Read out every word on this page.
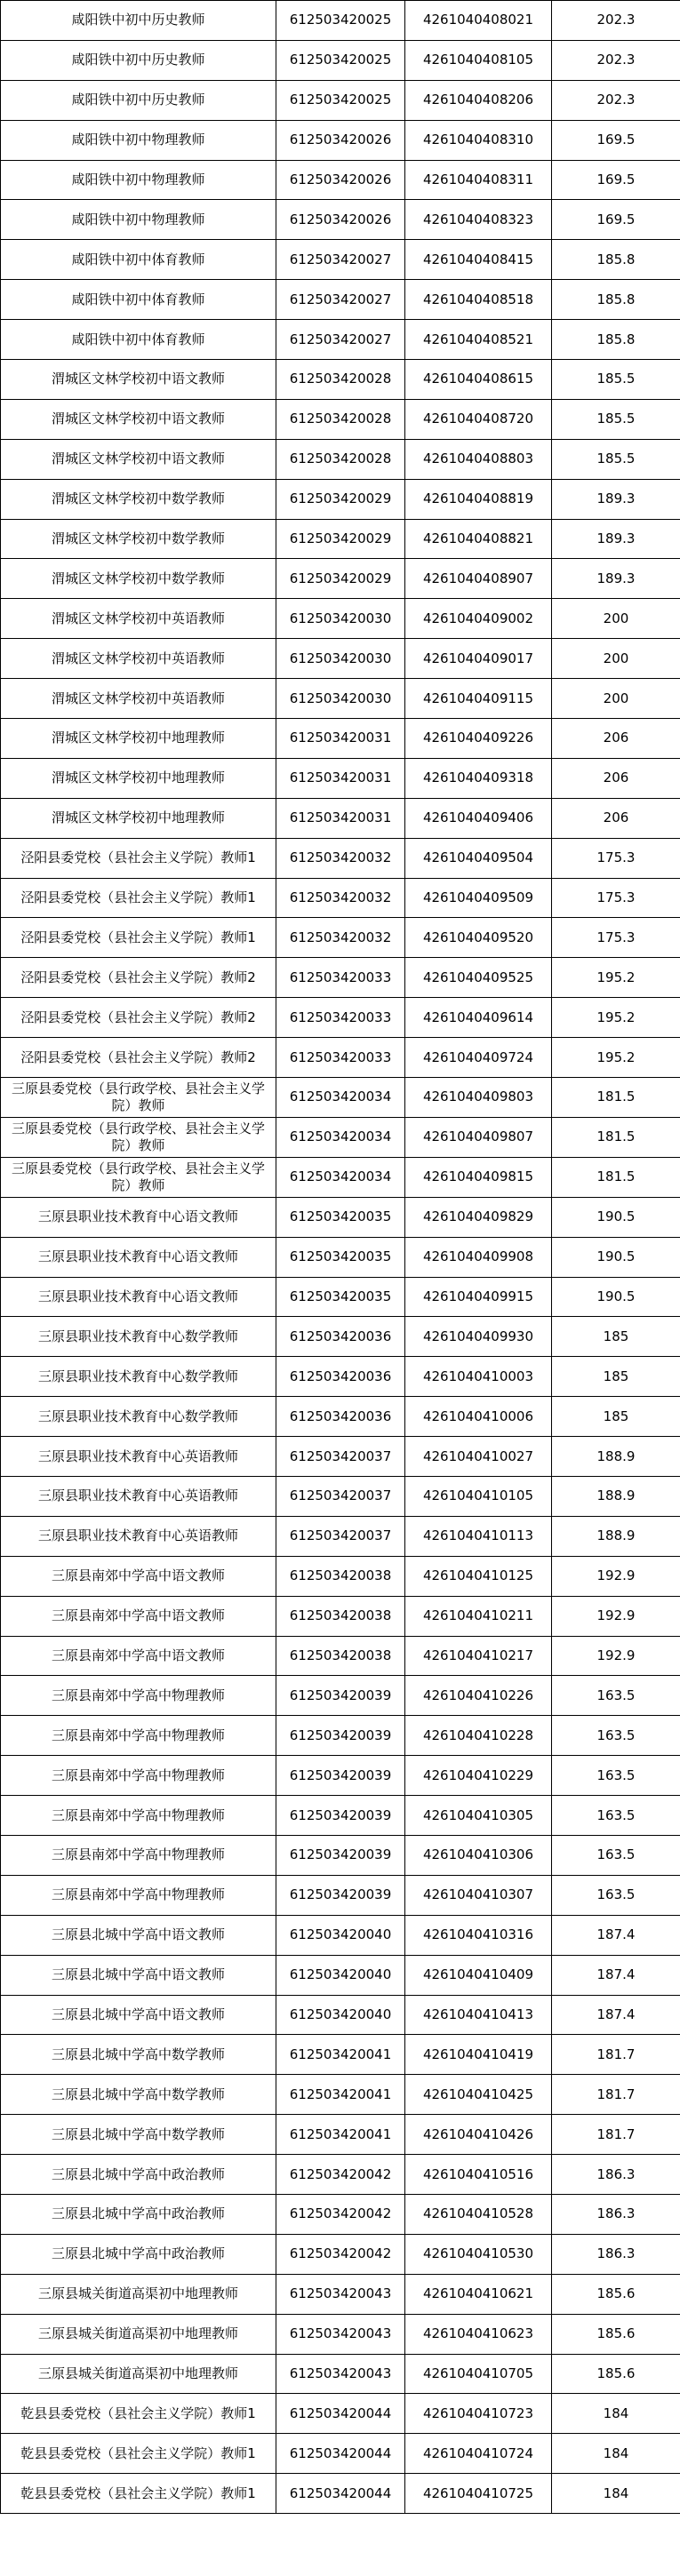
咸阳铁中初中历史教师	612503420025	4261040408021	202.3
咸阳铁中初中历史教师	612503420025	4261040408105	202.3
咸阳铁中初中历史教师	612503420025	4261040408206	202.3
咸阳铁中初中物理教师	612503420026	4261040408310	169.5
咸阳铁中初中物理教师	612503420026	4261040408311	169.5
咸阳铁中初中物理教师	612503420026	4261040408323	169.5
咸阳铁中初中体育教师	612503420027	4261040408415	185.8
咸阳铁中初中体育教师	612503420027	4261040408518	185.8
咸阳铁中初中体育教师	612503420027	4261040408521	185.8
渭城区文林学校初中语文教师	612503420028	4261040408615	185.5
渭城区文林学校初中语文教师	612503420028	4261040408720	185.5
渭城区文林学校初中语文教师	612503420028	4261040408803	185.5
渭城区文林学校初中数学教师	612503420029	4261040408819	189.3
渭城区文林学校初中数学教师	612503420029	4261040408821	189.3
渭城区文林学校初中数学教师	612503420029	4261040408907	189.3
渭城区文林学校初中英语教师	612503420030	4261040409002	200
渭城区文林学校初中英语教师	612503420030	4261040409017	200
渭城区文林学校初中英语教师	612503420030	4261040409115	200
渭城区文林学校初中地理教师	612503420031	4261040409226	206
渭城区文林学校初中地理教师	612503420031	4261040409318	206
渭城区文林学校初中地理教师	612503420031	4261040409406	206
泾阳县委党校（县社会主义学院）教师1	612503420032	4261040409504	175.3
泾阳县委党校（县社会主义学院）教师1	612503420032	4261040409509	175.3
泾阳县委党校（县社会主义学院）教师1	612503420032	4261040409520	175.3
泾阳县委党校（县社会主义学院）教师2	612503420033	4261040409525	195.2
泾阳县委党校（县社会主义学院）教师2	612503420033	4261040409614	195.2
泾阳县委党校（县社会主义学院）教师2	612503420033	4261040409724	195.2
三原县委党校（县行政学校、县社会主义学院）教师	612503420034	4261040409803	181.5
三原县委党校（县行政学校、县社会主义学院）教师	612503420034	4261040409807	181.5
三原县委党校（县行政学校、县社会主义学院）教师	612503420034	4261040409815	181.5
三原县职业技术教育中心语文教师	612503420035	4261040409829	190.5
三原县职业技术教育中心语文教师	612503420035	4261040409908	190.5
三原县职业技术教育中心语文教师	612503420035	4261040409915	190.5
三原县职业技术教育中心数学教师	612503420036	4261040409930	185
三原县职业技术教育中心数学教师	612503420036	4261040410003	185
三原县职业技术教育中心数学教师	612503420036	4261040410006	185
三原县职业技术教育中心英语教师	612503420037	4261040410027	188.9
三原县职业技术教育中心英语教师	612503420037	4261040410105	188.9
三原县职业技术教育中心英语教师	612503420037	4261040410113	188.9
三原县南郊中学高中语文教师	612503420038	4261040410125	192.9
三原县南郊中学高中语文教师	612503420038	4261040410211	192.9
三原县南郊中学高中语文教师	612503420038	4261040410217	192.9
三原县南郊中学高中物理教师	612503420039	4261040410226	163.5
三原县南郊中学高中物理教师	612503420039	4261040410228	163.5
三原县南郊中学高中物理教师	612503420039	4261040410229	163.5
三原县南郊中学高中物理教师	612503420039	4261040410305	163.5
三原县南郊中学高中物理教师	612503420039	4261040410306	163.5
三原县南郊中学高中物理教师	612503420039	4261040410307	163.5
三原县北城中学高中语文教师	612503420040	4261040410316	187.4
三原县北城中学高中语文教师	612503420040	4261040410409	187.4
三原县北城中学高中语文教师	612503420040	4261040410413	187.4
三原县北城中学高中数学教师	612503420041	4261040410419	181.7
三原县北城中学高中数学教师	612503420041	4261040410425	181.7
三原县北城中学高中数学教师	612503420041	4261040410426	181.7
三原县北城中学高中政治教师	612503420042	4261040410516	186.3
三原县北城中学高中政治教师	612503420042	4261040410528	186.3
三原县北城中学高中政治教师	612503420042	4261040410530	186.3
三原县城关街道高渠初中地理教师	612503420043	4261040410621	185.6
三原县城关街道高渠初中地理教师	612503420043	4261040410623	185.6
三原县城关街道高渠初中地理教师	612503420043	4261040410705	185.6
乾县县委党校（县社会主义学院）教师1	612503420044	4261040410723	184
乾县县委党校（县社会主义学院）教师1	612503420044	4261040410724	184
乾县县委党校（县社会主义学院）教师1	612503420044	4261040410725	184
